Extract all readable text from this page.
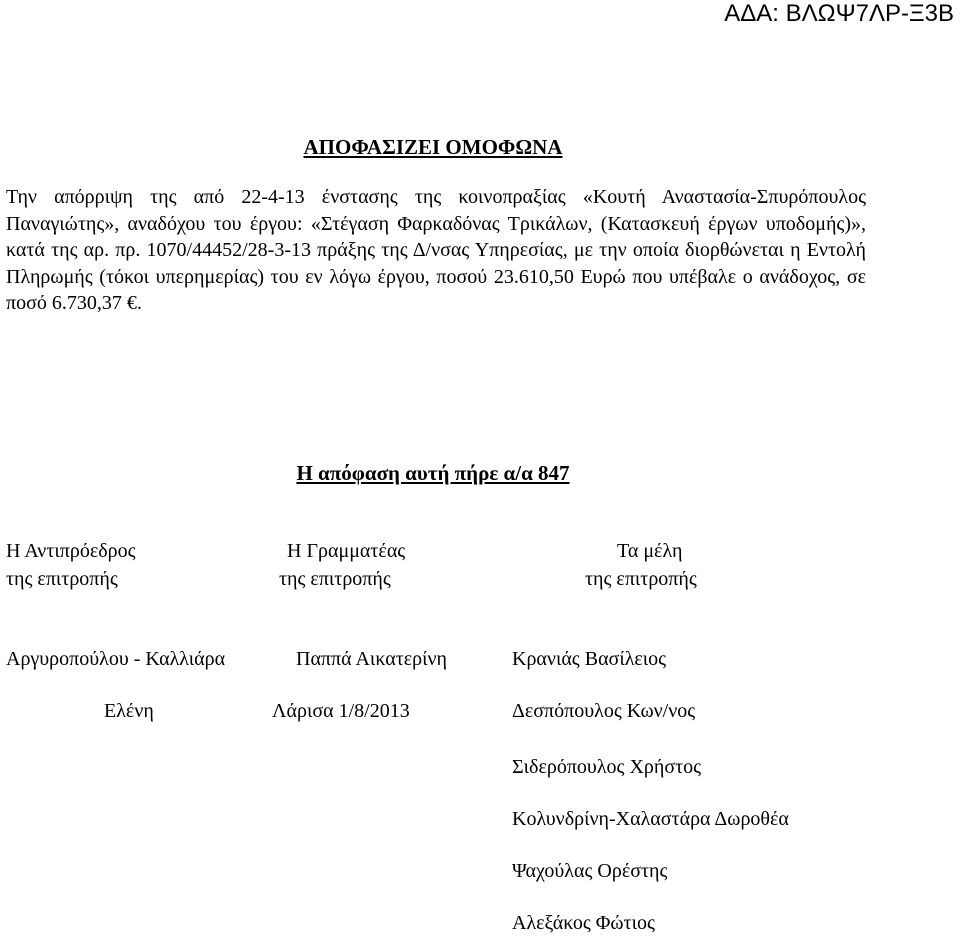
ΑΔΑ: ΒΛΩΨ7ΛΡ-Ξ3Β
ΑΠΟΦΑΣΙΖΕΙ ΟΜΟΦΩΝΑ
Την απόρριψη της από 22-4-13 ένστασης της κοινοπραξίας «Κουτή Αναστασία-Σπυρόπουλος Παναγιώτης», αναδόχου του έργου: «Στέγαση Φαρκαδόνας Τρικάλων, (Κατασκευή έργων υποδομής)», κατά της αρ. πρ. 1070/44452/28-3-13 πράξης της Δ/νσας Υπηρεσίας, με την οποία διορθώνεται η Εντολή Πληρωμής (τόκοι υπερημερίας) του εν λόγω έργου, ποσού 23.610,50 Ευρώ που υπέβαλε ο ανάδοχος, σε ποσό 6.730,37 €.
Η απόφαση αυτή πήρε α/α 847
Η Αντιπρόεδρος
της επιτροπής
Η Γραμματέας
της επιτροπής
Τα μέλη
της επιτροπής
Αργυροπούλου - Καλλιάρα
Ελένη
Παππά Αικατερίνη
Λάρισα 1/8/2013
Κρανιάς Βασίλειος
Δεσπόπουλος Κων/νος
Σιδερόπουλος Χρήστος
Κολυνδρίνη-Χαλαστάρα Δωροθέα
Ψαχούλας Ορέστης
Αλεξάκος Φώτιος
